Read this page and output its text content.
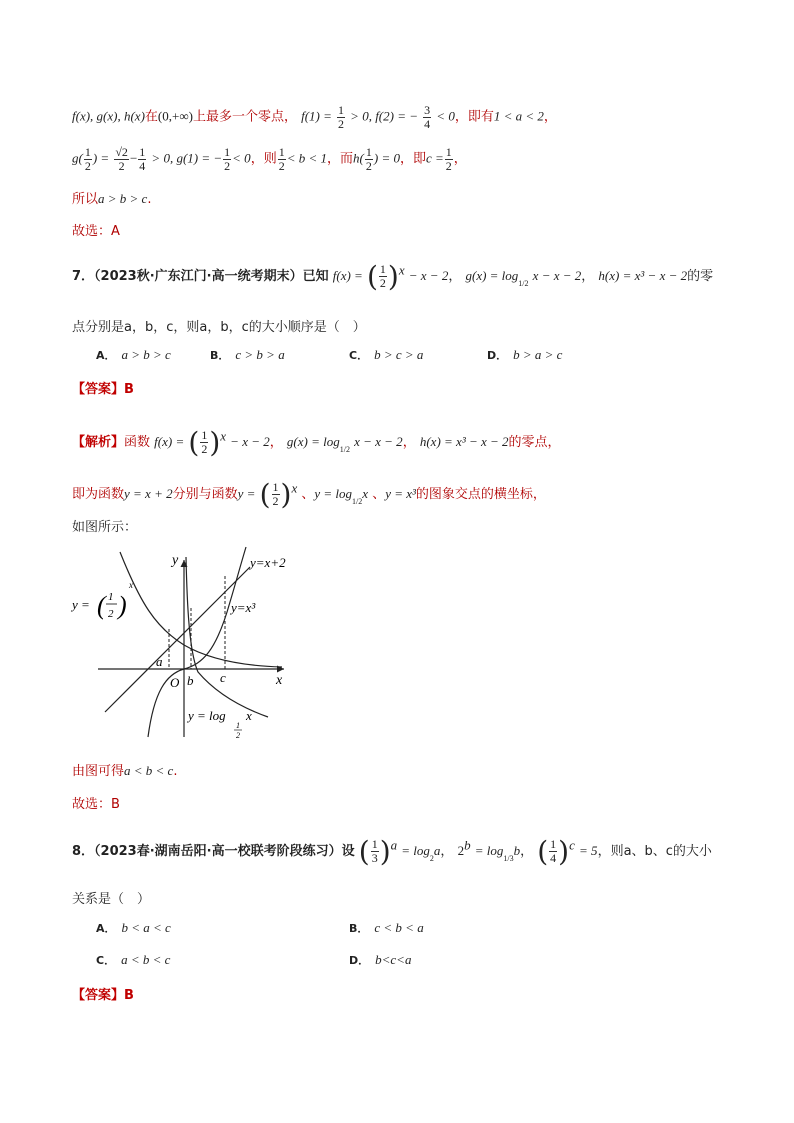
f(x), g(x), h(x)在(0,+∞)上最多一个零点， $f(1) = \frac{1}{2} > 0$, f(2) = − $\frac{3}{4} < 0$，即有1 < a < 2，
$g( \frac{1}{2}$ ) = $\frac{√2}{2} - \frac{1}{4} > 0$, g(1) = − $\frac{1}{2} < 0$，则 $\frac{1}{2} < b < 1$，而$h( \frac{1}{2}$ ) = 0，即$c = \frac{1}{2}$ ，
所以a > b > c.
故选：A
7．（2023秋·广东江门·高一统考期末）已知 f(x) = ( $\frac{1}{2} )^x - x - 2$， $g(x) = \log_{1/2} x - x - 2$， h(x) = x³ − x − 2的零
点分别是a，b，c，则a，b，c的大小顺序是（　）
A． a > b > c	B． c > b > a	C． b > c > a	D． b > a > c
【答案】B
【解析】函数 f(x) = ( $\frac{1}{2} )^x - x - 2$， $g(x) = \log_{1/2} x - x - 2$， h(x) = x³ − x − 2的零点，
即为函数y = x + 2分别与函数y = ( $\frac{1}{2} )^x$ 、$y = \log_{1/2}x$ 、y = x³的图象交点的横坐标，
如图所示：
y
x
O
y=x+2
y=x³
a
b c
y = ( 1
2 )
x
y = log
1
2
x
由图可得a < b < c.
故选：B
8．（2023春·湖南岳阳·高一校联考阶段练习）设 ( $\frac{1}{3} )^a = \log_2a$， $2^b = \log_{1/3}b$， ( $\frac{1}{4} )^c = 5$，则a、b、c的大小
关系是（　）
A． b < a < c	B． c < b < a
C． a < b < c	D． b<c<a
【答案】B
